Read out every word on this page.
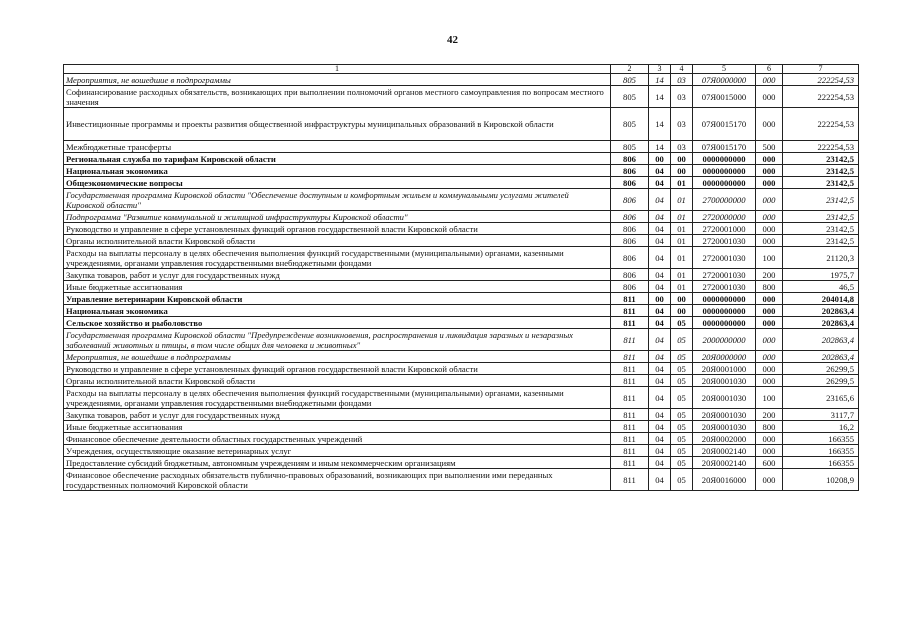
42
1	2	3	4	5	6	7
Мероприятия, не вошедшие в подпрограммы	805	14	03	07Я0000000	000	222254,53
Софинансирование расходных обязательств, возникающих при выполнении полномочий органов местного самоуправления по вопросам местного значения	805	14	03	07Я0015000	000	222254,53
Инвестиционные программы и проекты развития общественной инфраструктуры муниципальных образований в Кировской области	805	14	03	07Я0015170	000	222254,53
Межбюджетные трансферты	805	14	03	07Я0015170	500	222254,53
Региональная служба по тарифам Кировской области	806	00	00	0000000000	000	23142,5
Национальная экономика	806	04	00	0000000000	000	23142,5
Общеэкономические вопросы	806	04	01	0000000000	000	23142,5
Государственная программа Кировской области "Обеспечение доступным и комфортным жильем и коммунальными услугами жителей Кировской области"	806	04	01	2700000000	000	23142,5
Подпрограмма "Развитие коммунальной и жилищной инфраструктуры Кировской области"	806	04	01	2720000000	000	23142,5
Руководство и управление в сфере установленных функций органов государственной власти Кировской области	806	04	01	2720001000	000	23142,5
Органы исполнительной власти Кировской области	806	04	01	2720001030	000	23142,5
Расходы на выплаты персоналу в целях обеспечения выполнения функций государственными (муниципальными) органами, казенными учреждениями, органами управления государственными внебюджетными фондами	806	04	01	2720001030	100	21120,3
Закупка товаров, работ и услуг для государственных нужд	806	04	01	2720001030	200	1975,7
Иные бюджетные ассигнования	806	04	01	2720001030	800	46,5
Управление ветеринарии Кировской области	811	00	00	0000000000	000	204014,8
Национальная экономика	811	04	00	0000000000	000	202863,4
Сельское хозяйство и рыболовство	811	04	05	0000000000	000	202863,4
Государственная программа Кировской области "Предупреждение возникновения, распространения и ликвидация заразных и незаразных заболеваний животных и птицы, в том числе общих для человека и животных"	811	04	05	2000000000	000	202863,4
Мероприятия, не вошедшие в подпрограммы	811	04	05	20Я0000000	000	202863,4
Руководство и управление в сфере установленных функций органов государственной власти Кировской области	811	04	05	20Я0001000	000	26299,5
Органы исполнительной власти Кировской области	811	04	05	20Я0001030	000	26299,5
Расходы на выплаты персоналу в целях обеспечения выполнения функций государственными (муниципальными) органами, казенными учреждениями, органами управления государственными внебюджетными фондами	811	04	05	20Я0001030	100	23165,6
Закупка товаров, работ и услуг для государственных нужд	811	04	05	20Я0001030	200	3117,7
Иные бюджетные ассигнования	811	04	05	20Я0001030	800	16,2
Финансовое обеспечение деятельности областных государственных учреждений	811	04	05	20Я0002000	000	166355
Учреждения, осуществляющие оказание ветеринарных услуг	811	04	05	20Я0002140	000	166355
Предоставление субсидий бюджетным, автономным учреждениям и иным некоммерческим организациям	811	04	05	20Я0002140	600	166355
Финансовое обеспечение расходных обязательств публично-правовых образований, возникающих при выполнении ими переданных государственных полномочий Кировской области	811	04	05	20Я0016000	000	10208,9
